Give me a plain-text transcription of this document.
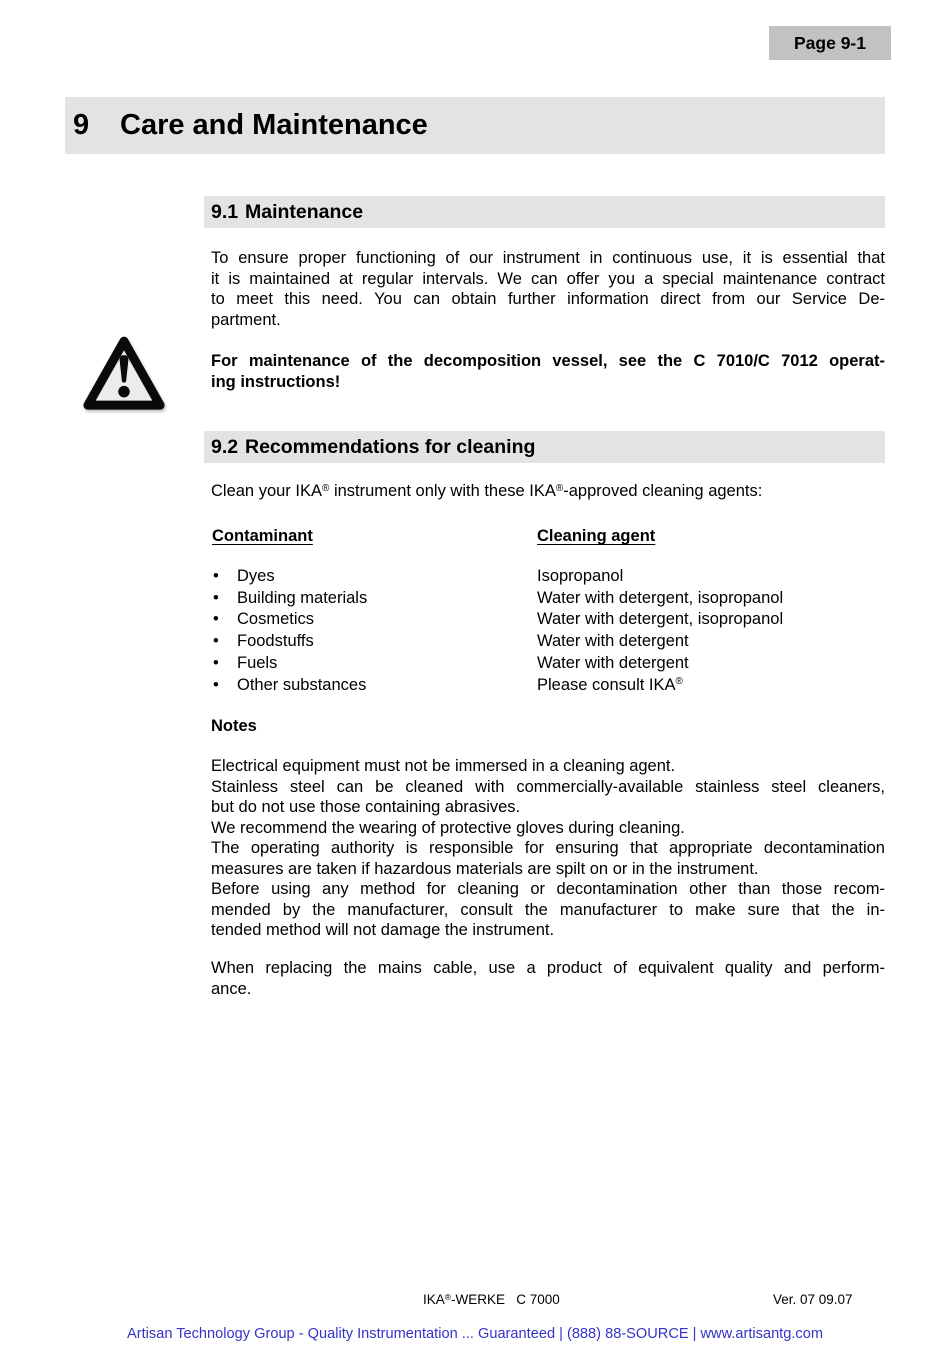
Page 9-1
9	Care and Maintenance
9.1 Maintenance
To ensure proper functioning of our instrument in continuous use, it is essential that
it is maintained at regular intervals. We can offer you a special maintenance contract
to meet this need. You can obtain further information direct from our Service De-
partment.
For maintenance of the decomposition vessel, see the C 7010/C 7012 operat-
ing instructions!
9.2 Recommendations for cleaning
Clean your IKA® instrument only with these IKA®-approved cleaning agents:
Contaminant	Cleaning agent
• Dyes	Isopropanol
• Building materials	Water with detergent, isopropanol
• Cosmetics	Water with detergent, isopropanol
• Foodstuffs	Water with detergent
• Fuels	Water with detergent
• Other substances	Please consult IKA®
Notes
Electrical equipment must not be immersed in a cleaning agent.
Stainless steel can be cleaned with commercially-available stainless steel cleaners,
but do not use those containing abrasives.
We recommend the wearing of protective gloves during cleaning.
The operating authority is responsible for ensuring that appropriate decontamination
measures are taken if hazardous materials are spilt on or in the instrument.
Before using any method for cleaning or decontamination other than those recom-
mended by the manufacturer, consult the manufacturer to make sure that the in-
tended method will not damage the instrument.
When replacing the mains cable, use a product of equivalent quality and perform-
ance.
IKA®-WERKE   C 7000	Ver. 07 09.07
Artisan Technology Group - Quality Instrumentation ... Guaranteed | (888) 88-SOURCE | www.artisantg.com
